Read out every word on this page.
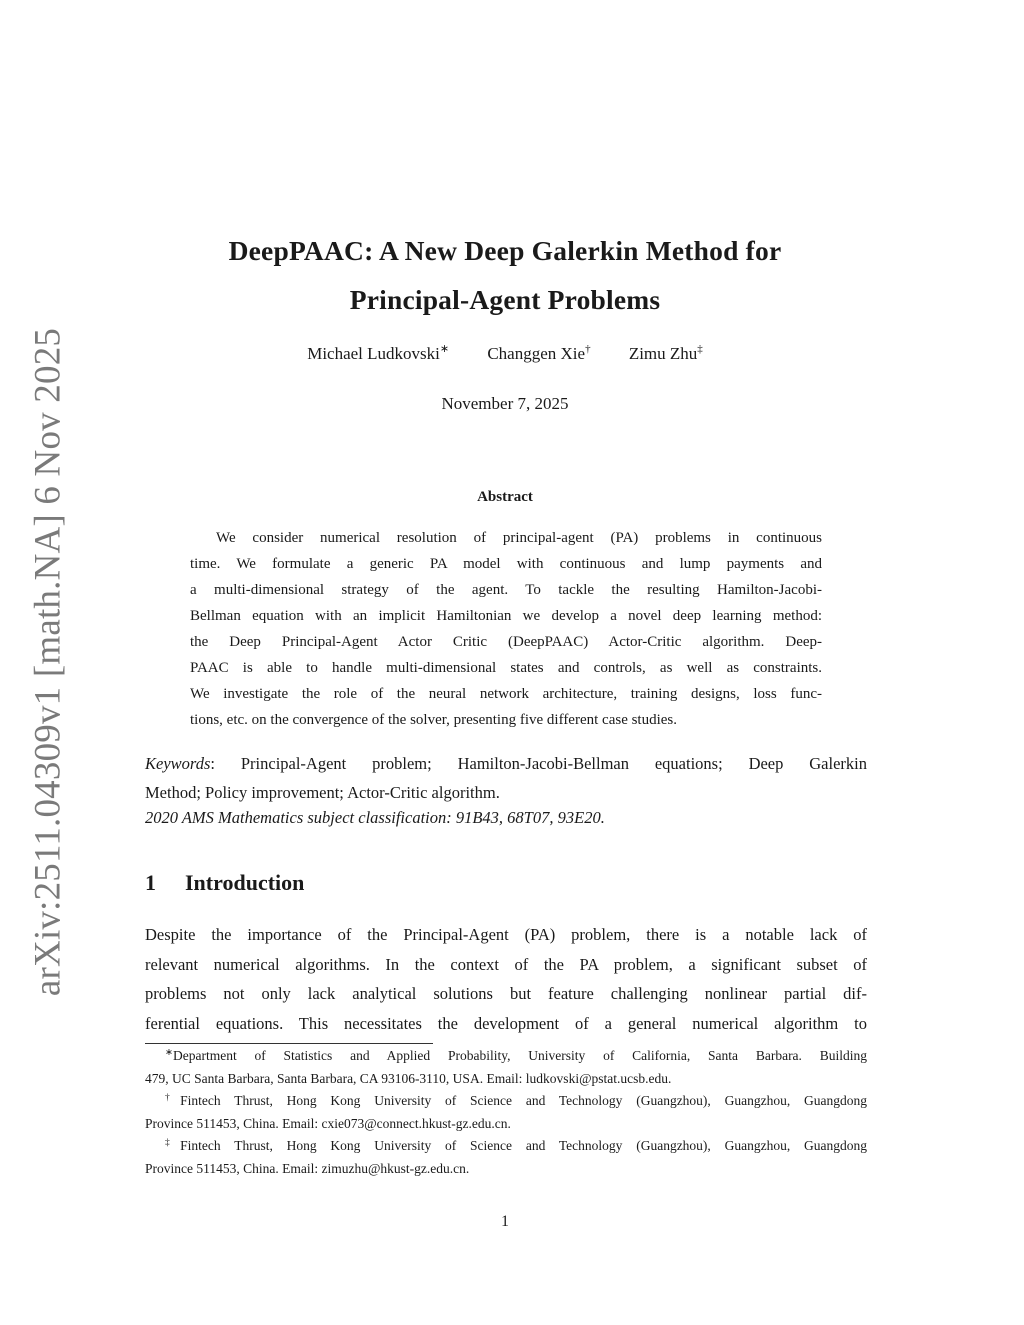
arXiv:2511.04309v1 [math.NA] 6 Nov 2025
DeepPAAC: A New Deep Galerkin Method for
Principal-Agent Problems
Michael Ludkovski∗ Changgen Xie† Zimu Zhu‡
November 7, 2025
Abstract
We consider numerical resolution of principal-agent (PA) problems in continuous
time. We formulate a generic PA model with continuous and lump payments and
a multi-dimensional strategy of the agent. To tackle the resulting Hamilton-Jacobi-
Bellman equation with an implicit Hamiltonian we develop a novel deep learning method:
the Deep Principal-Agent Actor Critic (DeepPAAC) Actor-Critic algorithm. Deep-
PAAC is able to handle multi-dimensional states and controls, as well as constraints.
We investigate the role of the neural network architecture, training designs, loss func-
tions, etc. on the convergence of the solver, presenting five different case studies.
Keywords: Principal-Agent problem; Hamilton-Jacobi-Bellman equations; Deep Galerkin
Method; Policy improvement; Actor-Critic algorithm.
2020 AMS Mathematics subject classification: 91B43, 68T07, 93E20.
1 Introduction
Despite the importance of the Principal-Agent (PA) problem, there is a notable lack of
relevant numerical algorithms. In the context of the PA problem, a significant subset of
problems not only lack analytical solutions but feature challenging nonlinear partial dif-
ferential equations. This necessitates the development of a general numerical algorithm to
∗Department of Statistics and Applied Probability, University of California, Santa Barbara. Building
479, UC Santa Barbara, Santa Barbara, CA 93106-3110, USA. Email: ludkovski@pstat.ucsb.edu.
†Fintech Thrust, Hong Kong University of Science and Technology (Guangzhou), Guangzhou, Guangdong
Province 511453, China. Email: cxie073@connect.hkust-gz.edu.cn.
‡Fintech Thrust, Hong Kong University of Science and Technology (Guangzhou), Guangzhou, Guangdong
Province 511453, China. Email: zimuzhu@hkust-gz.edu.cn.
1
